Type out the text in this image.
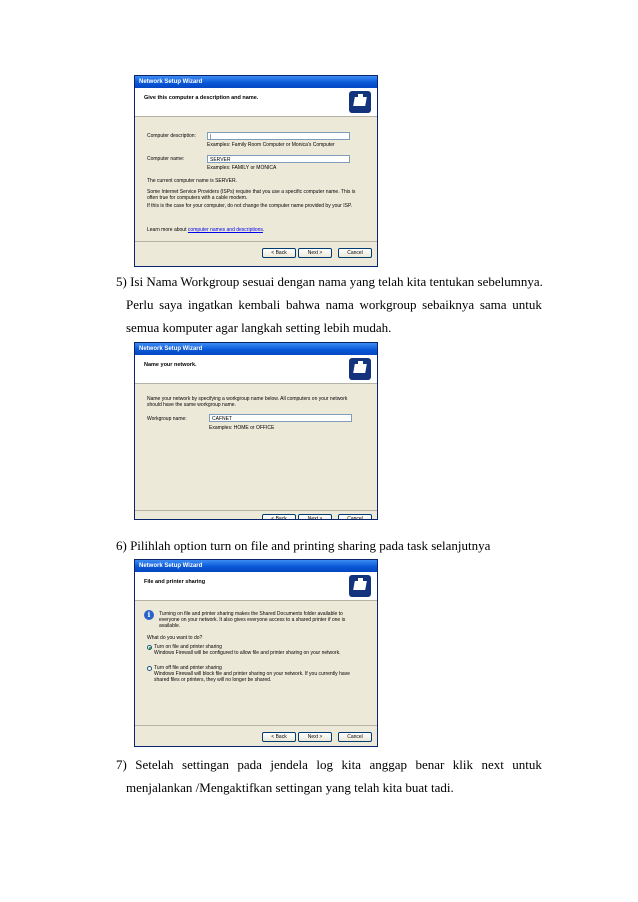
Network Setup Wizard
Give this computer a description and name.
Computer description:	|
Examples: Family Room Computer or Monica's Computer
Computer name:	SERVER
Examples: FAMILY or MONICA
The current computer name is SERVER.
Some Internet Service Providers (ISPs) require that you use a specific computer name. This is
often true for computers with a cable modem.
If this is the case for your computer, do not change the computer name provided by your ISP.
Learn more about computer names and descriptions.
< Back	Next >	Cancel
5) Isi Nama Workgroup sesuai dengan nama yang telah kita tentukan sebelumnya.
Perlu saya ingatkan kembali bahwa nama workgroup sebaiknya sama untuk
semua komputer agar langkah setting lebih mudah.
Network Setup Wizard
Name your network.
Name your network by specifying a workgroup name below. All computers on your network
should have the same workgroup name.
Workgroup name:	CAFNET
Examples: HOME or OFFICE
< Back	Next >	Cancel
6) Pilihlah option turn on file and printing sharing pada task selanjutnya
Network Setup Wizard
File and printer sharing
i	Turning on file and printer sharing makes the Shared Documents folder available to
everyone on your network. It also gives everyone access to a shared printer if one is
available.
What do you want to do?
Turn on file and printer sharing
Windows Firewall will be configured to allow file and printer sharing on your network.
Turn off file and printer sharing
Windows Firewall will block file and printer sharing on your network. If you currently have
shared files or printers, they will no longer be shared.
< Back	Next >	Cancel
7) Setelah settingan pada jendela log kita anggap benar klik next untuk
menjalankan /Mengaktifkan settingan yang telah kita buat tadi.
